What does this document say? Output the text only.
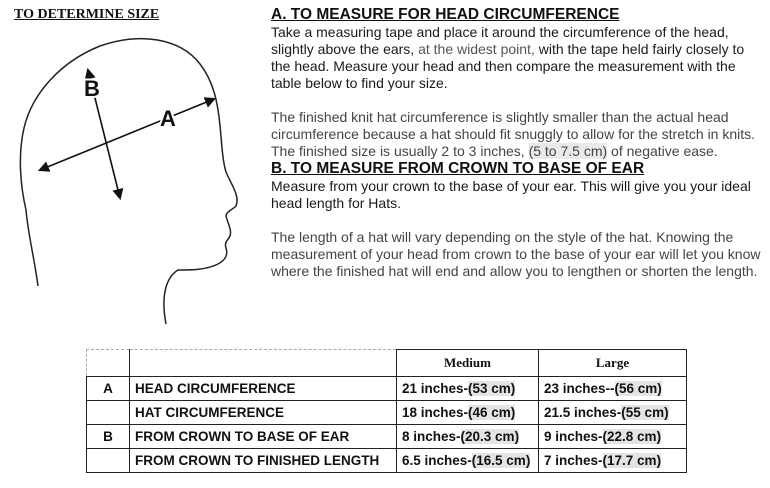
TO DETERMINE SIZE
B
A
A. TO MEASURE FOR HEAD CIRCUMFERENCE

Take a measuring tape and place it around the circumference of the head, slightly above the ears, at the widest point, with the tape held fairly closely to the head. Measure your head and then compare the measurement with the table below to find your size.

The finished knit hat circumference is slightly smaller than the actual head circumference because a hat should fit snuggly to allow for the stretch in knits. The finished size is usually 2 to 3 inches, (5 to 7.5 cm) of negative ease.

B. TO MEASURE FROM CROWN TO BASE OF EAR

Measure from your crown to the base of your ear. This will give you your ideal head length for Hats.

The length of a hat will vary depending on the style of the hat. Knowing the measurement of your head from crown to the base of your ear will let you know where the finished hat will end and allow you to lengthen or shorten the length.

		Medium	Large
A	HEAD CIRCUMFERENCE	21 inches-(53 cm)	23 inches--(56 cm)
	HAT CIRCUMFERENCE	18 inches-(46 cm)	21.5 inches-(55 cm)
B	FROM CROWN TO BASE OF EAR	8 inches-(20.3 cm)	9 inches-(22.8 cm)
	FROM CROWN TO FINISHED LENGTH	6.5 inches-(16.5 cm)	7 inches-(17.7 cm)
